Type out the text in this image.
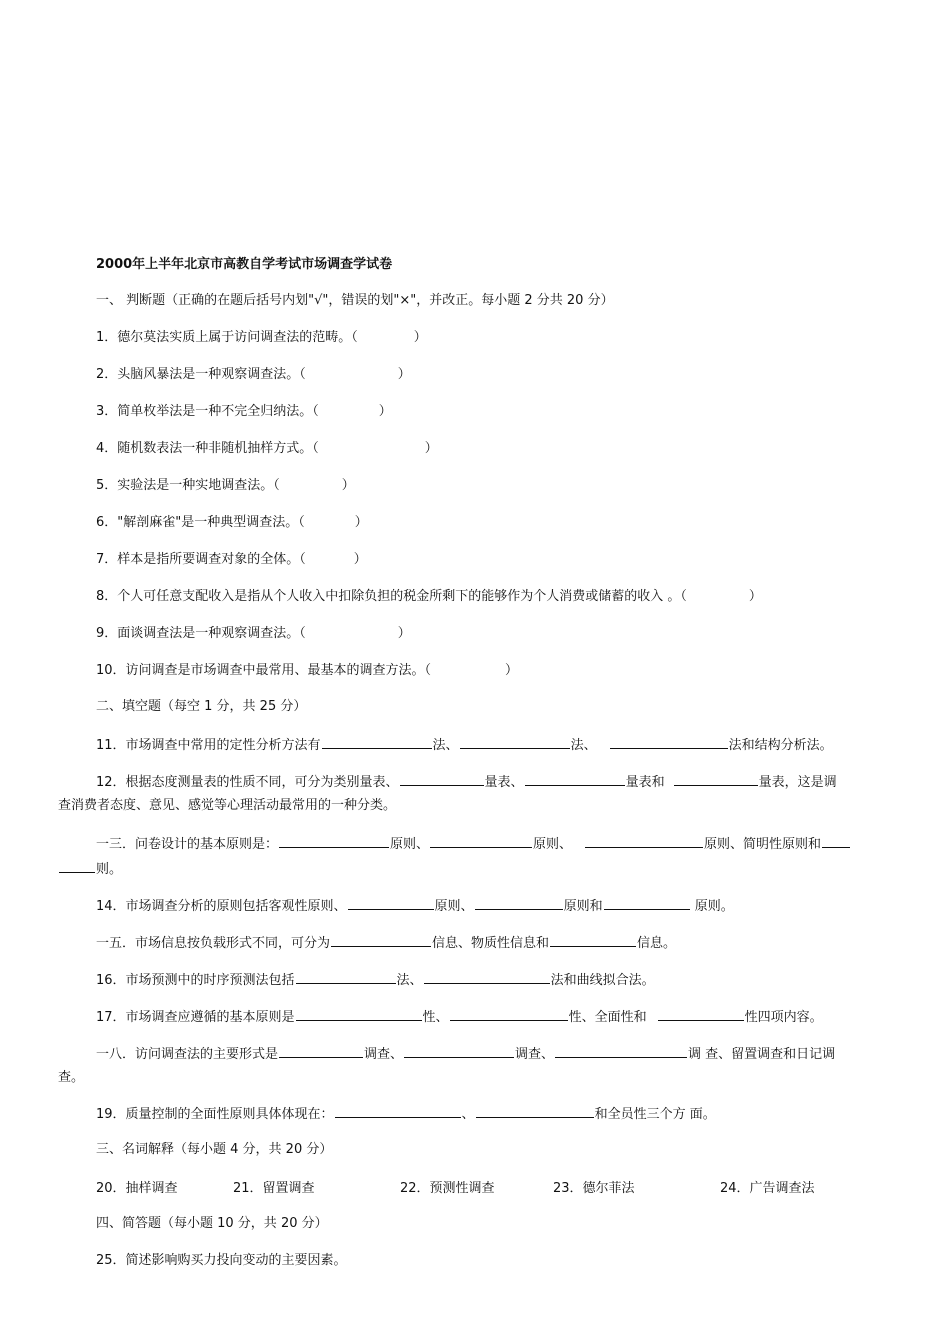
2000年上半年北京市高教自学考试市场调查学试卷
一、 判断题（正确的在题后括号内划"√"，错误的划"×"，并改正。每小题 2 分共 20 分）
1．德尔莫法实质上属于访问调查法的范畴。（	）
2．头脑风暴法是一种观察调查法。（	）
3．简单枚举法是一种不完全归纳法。（	）
4．随机数表法一种非随机抽样方式。（	）
5．实验法是一种实地调查法。（	）
6．"解剖麻雀"是一种典型调查法。（	）
7．样本是指所要调查对象的全体。（	）
8．个人可任意支配收入是指从个人收入中扣除负担的税金所剩下的能够作为个人消费或储蓄的收入 。（	）
9．面谈调查法是一种观察调查法。（	）
10．访问调查是市场调查中最常用、最基本的调查方法。（	）
二、填空题（每空 1 分，共 25 分）
11．市场调查中常用的定性分析方法有	法、	法、	法和结构分析法。
12．根据态度测量表的性质不同，可分为类别量表、	量表、	量表和	量表，这是调
查消费者态度、意见、感觉等心理活动最常用的一种分类。
一三．问卷设计的基本原则是：	原则、	原则、	原则、简明性原则和
则。
14．市场调查分析的原则包括客观性原则、	原则、	原则和	原则。
一五．市场信息按负载形式不同，可分为	信息、物质性信息和	信息。
16．市场预测中的时序预测法包括	法、	法和曲线拟合法。
17．市场调查应遵循的基本原则是	性、	性、全面性和	性四项内容。
一八．访问调查法的主要形式是	调查、	调查、	调 查、留置调查和日记调
查。
19．质量控制的全面性原则具体体现在：	、	和全员性三个方 面。
三、名词解释（每小题 4 分，共 20 分）
20．抽样调查	21．留置调查	22．预测性调查	23．德尔菲法	24．广告调查法
四、简答题（每小题 10 分，共 20 分）
25．简述影响购买力投向变动的主要因素。
